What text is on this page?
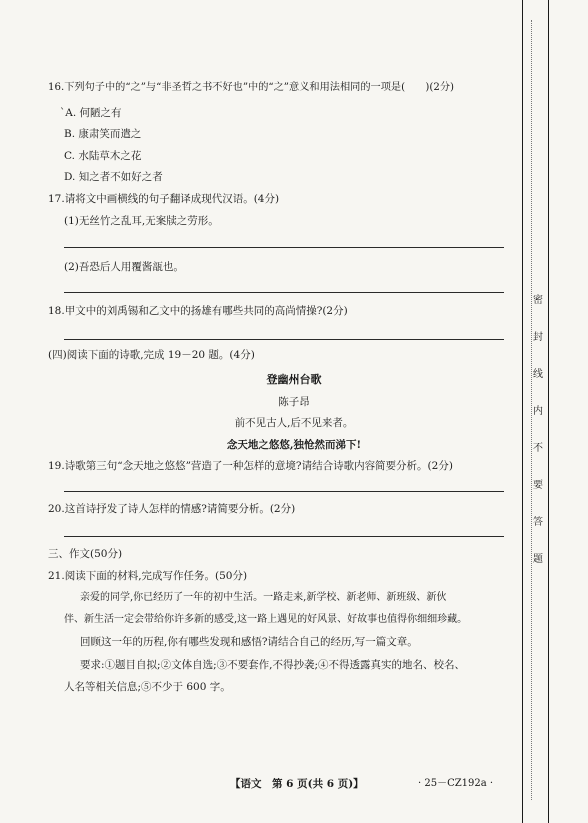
密
封
线
内
不
要
答
题
16.下列句子中的“之”与“非圣哲之书不好也”中的“之”意义和用法相同的一项是(　　)(2分)
`A. 何陋之有
B. 康肃笑而遣之
C. 水陆草木之花
D. 知之者不如好之者
17.请将文中画横线的句子翻译成现代汉语。(4分)
(1)无丝竹之乱耳,无案牍之劳形。
(2)吾恐后人用覆酱瓿也。
18.甲文中的刘禹锡和乙文中的扬雄有哪些共同的高尚情操?(2分)
(四)阅读下面的诗歌,完成 19－20 题。(4分)
登幽州台歌
陈子昂
前不见古人,后不见来者。
念天地之悠悠,独怆然而涕下!
19.诗歌第三句“念天地之悠悠”营造了一种怎样的意境?请结合诗歌内容简要分析。(2分)
20.这首诗抒发了诗人怎样的情感?请简要分析。(2分)
三、作文(50分)
21.阅读下面的材料,完成写作任务。(50分)
亲爱的同学,你已经历了一年的初中生活。一路走来,新学校、新老师、新班级、新伙
伴、新生活一定会带给你许多新的感受,这一路上遇见的好风景、好故事也值得你细细珍藏。
回顾这一年的历程,你有哪些发现和感悟?请结合自己的经历,写一篇文章。
要求:①题目自拟;②文体自选;③不要套作,不得抄袭;④不得透露真实的地名、校名、
人名等相关信息;⑤不少于 600 字。
【语文　第 6 页(共 6 页)】	· 25－CZ192a ·
